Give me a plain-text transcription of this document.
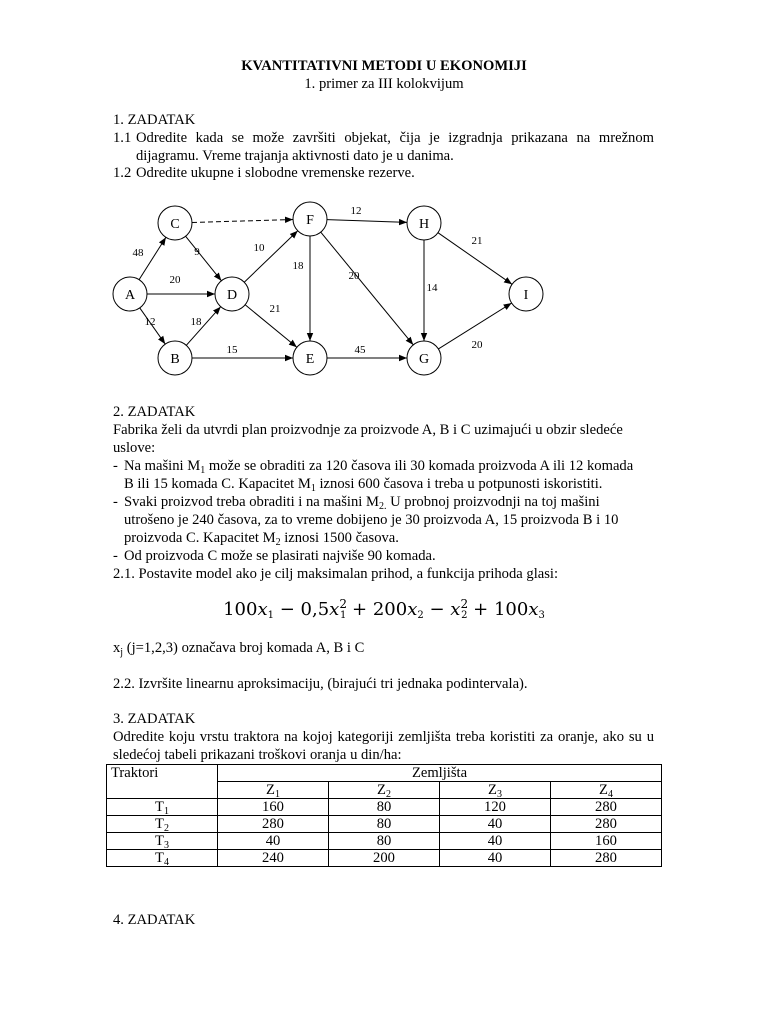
KVANTITATIVNI METODI U EKONOMIJI
1. primer za III kolokvijum
1. ZADATAK
1.1 Odredite kada se može završiti objekat, čija je izgradnja prikazana na mrežnom
dijagramu. Vreme trajanja aktivnosti dato je u danima.
1.2 Odredite ukupne i slobodne vremenske rezerve.
48
20
12
9
18
15
10
21
18
12
20
45
14
21
20
A
B
C
D
E
F
G
H
I
2. ZADATAK
Fabrika želi da utvrdi plan proizvodnje za proizvode A, B i C uzimajući u obzir sledeće
uslove:
- Na mašini $M_1$ može se obraditi za 120 časova ili 30 komada proizvoda A ili 12 komada
B ili 15 komada C. Kapacitet $M_1$ iznosi 600 časova i treba u potpunosti iskoristiti.
- Svaki proizvod treba obraditi i na mašini $M_{2.}$ U probnoj proizvodnji na toj mašini
utrošeno je 240 časova, za to vreme dobijeno je 30 proizvoda A, 15 proizvoda B i 10
proizvoda C. Kapacitet $M_2$ iznosi 1500 časova.
- Od proizvoda C može se plasirati najviše 90 komada.
2.1. Postavite model ako je cilj maksimalan prihod, a funkcija prihoda glasi:
$100x_1 - 0,5x^2_1 + 200x_2 - x^2_2 + 100x_3$
$x_j$ (j=1,2,3) označava broj komada A, B i C
2.2. Izvršite linearnu aproksimaciju, (birajući tri jednaka podintervala).
3. ZADATAK
Odredite koju vrstu traktora na kojoj kategoriji zemljišta treba koristiti za oranje, ako su u
sledećoj tabeli prikazani troškovi oranja u din/ha:
Traktori	Zemljišta			
	$Z_1$	$Z_2$	$Z_3$	$Z_4$
$T_1$	160	80	120	280
$T_2$	280	80	40	280
$T_3$	40	80	40	160
$T_4$	240	200	40	280
4. ZADATAK
